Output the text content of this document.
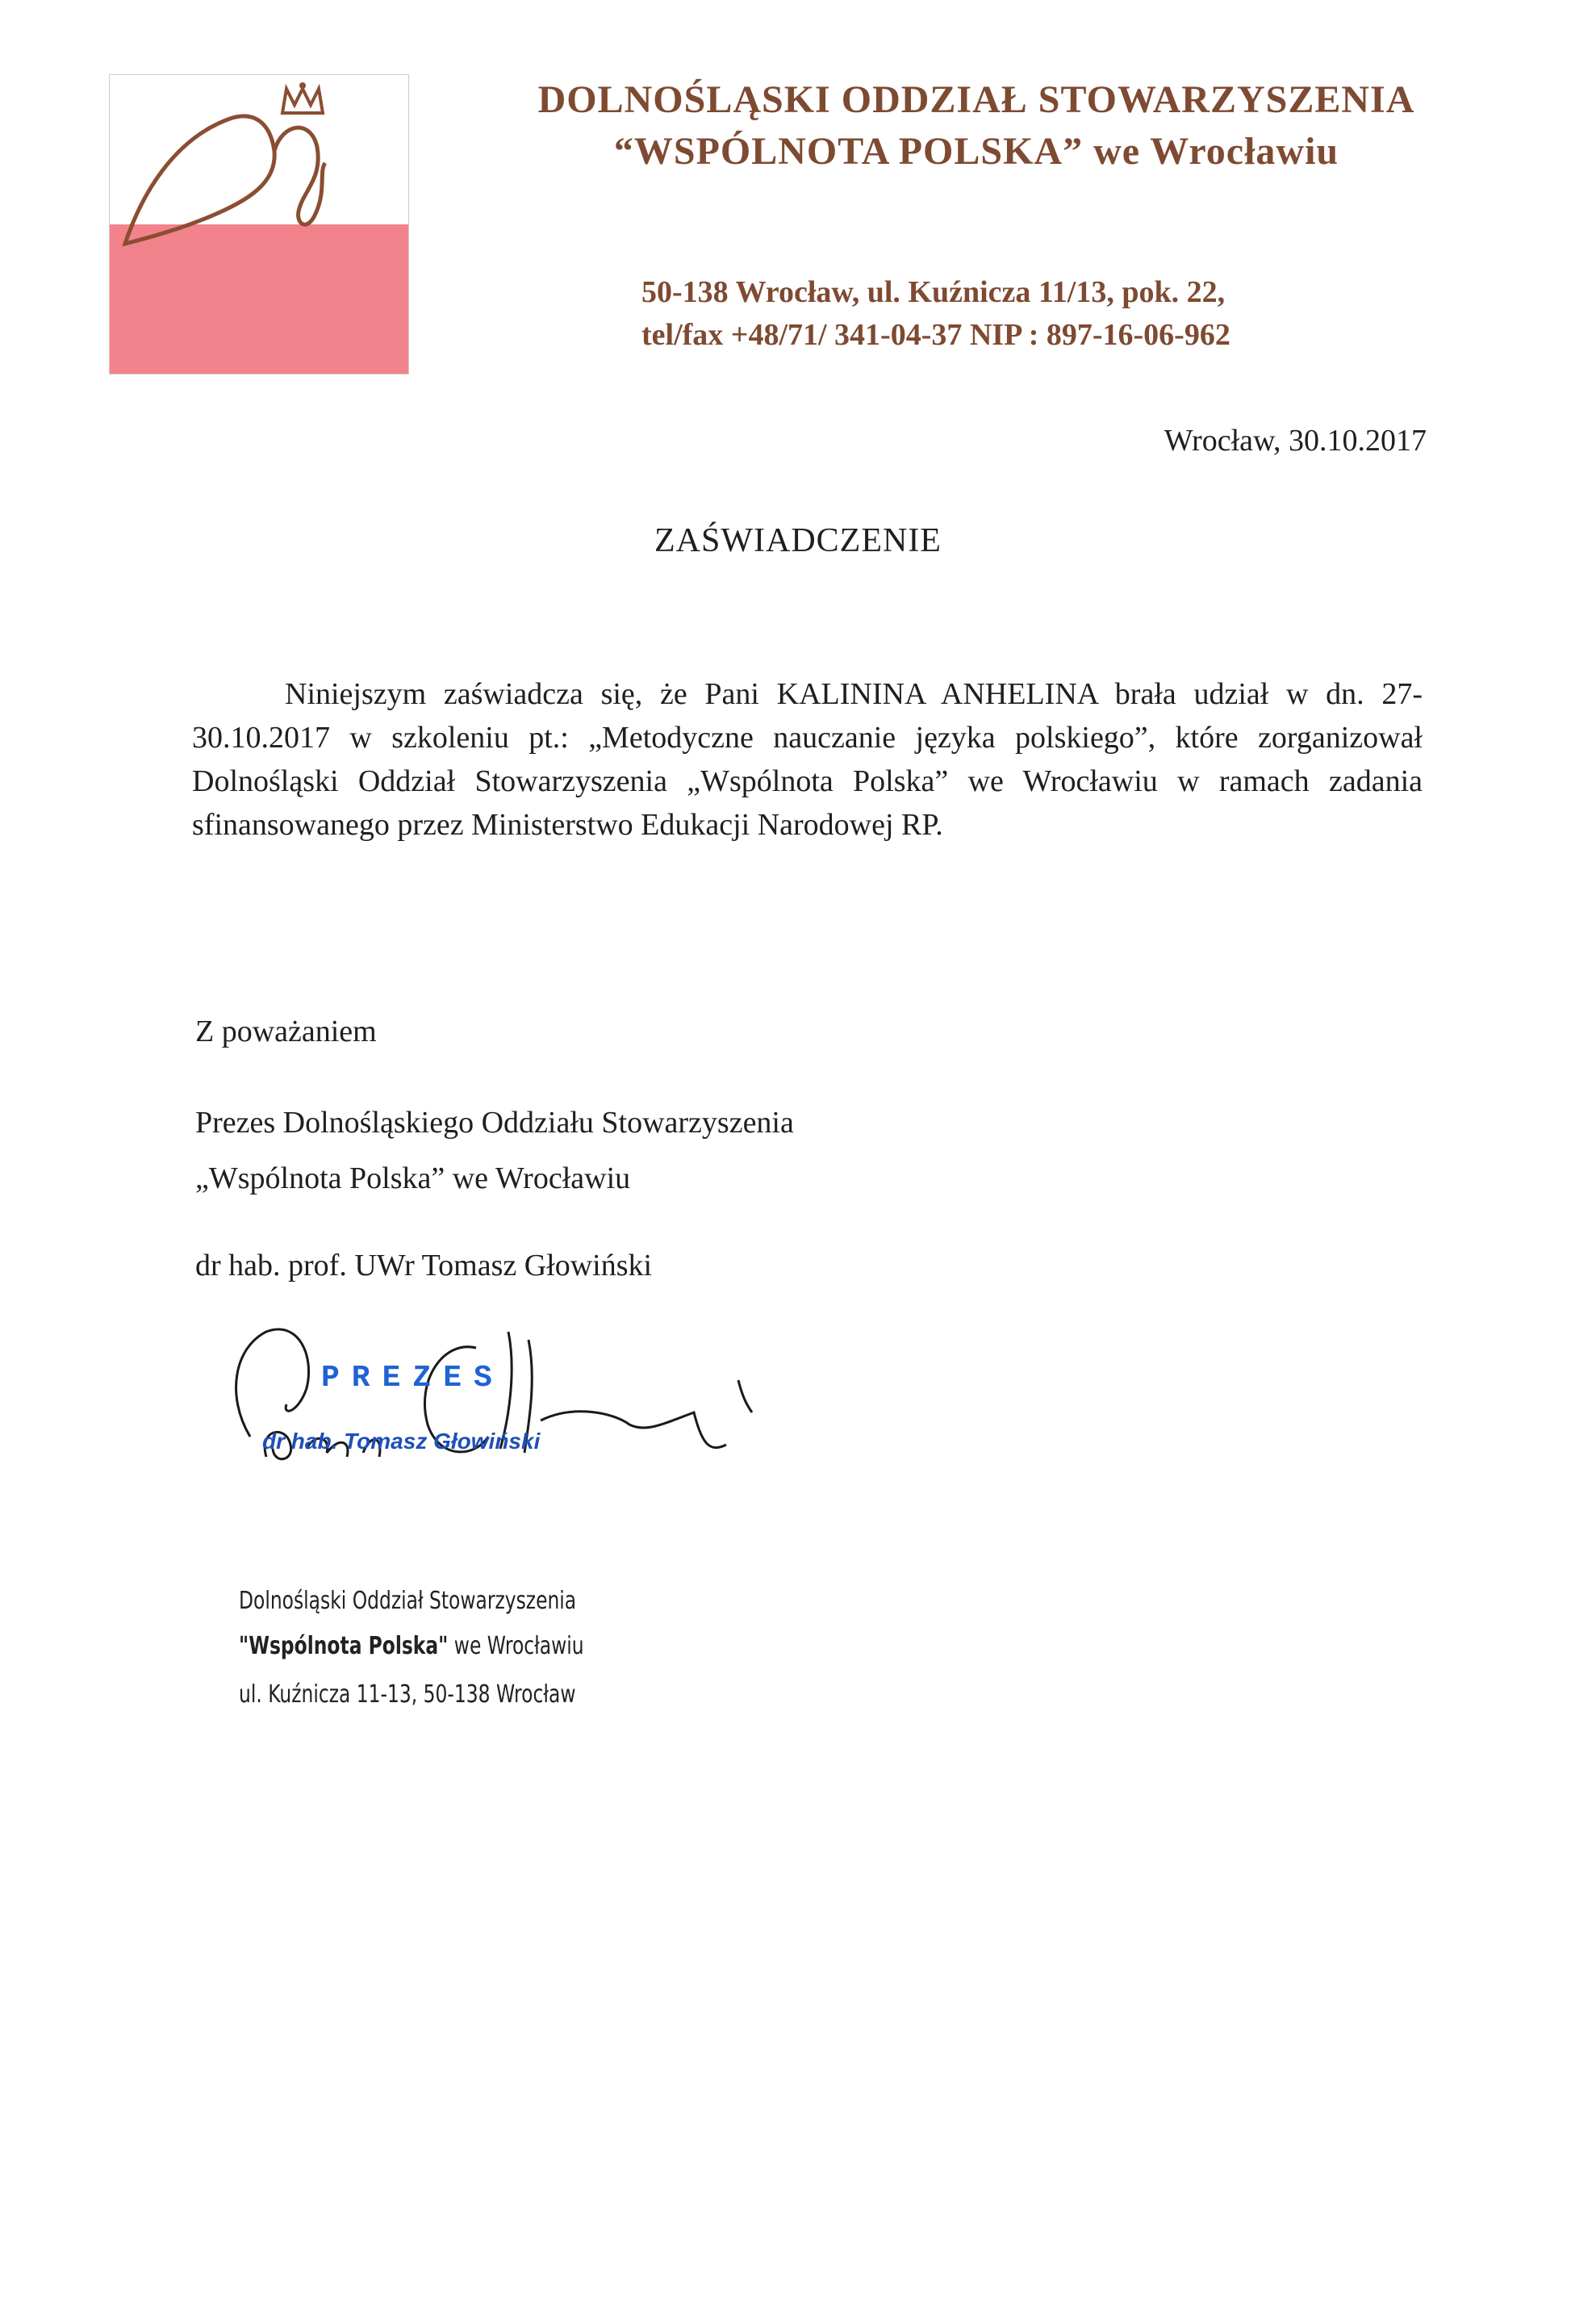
DOLNOŚLĄSKI ODDZIAŁ STOWARZYSZENIA
“WSPÓLNOTA POLSKA” we Wrocławiu
50-138 Wrocław, ul. Kuźnicza 11/13, pok. 22,
tel/fax +48/71/ 341-04-37 NIP : 897-16-06-962
Wrocław, 30.10.2017
ZAŚWIADCZENIE

Niniejszym zaświadcza się, że Pani KALININA ANHELINA brała udział w dn. 27-30.10.2017 w szkoleniu pt.: „Metodyczne nauczanie języka polskiego”, które zorganizował Dolnośląski Oddział Stowarzyszenia „Wspólnota Polska” we Wrocławiu w ramach zadania sfinansowanego przez Ministerstwo Edukacji Narodowej RP.

Z poważaniem
Prezes Dolnośląskiego Oddziału Stowarzyszenia
„Wspólnota Polska” we Wrocławiu
dr hab. prof. UWr Tomasz Głowiński
PREZES
dr hab. Tomasz Głowiński
Dolnośląski Oddział Stowarzyszenia
"Wspólnota Polska" we Wrocławiu
ul. Kuźnicza 11-13, 50-138 Wrocław
